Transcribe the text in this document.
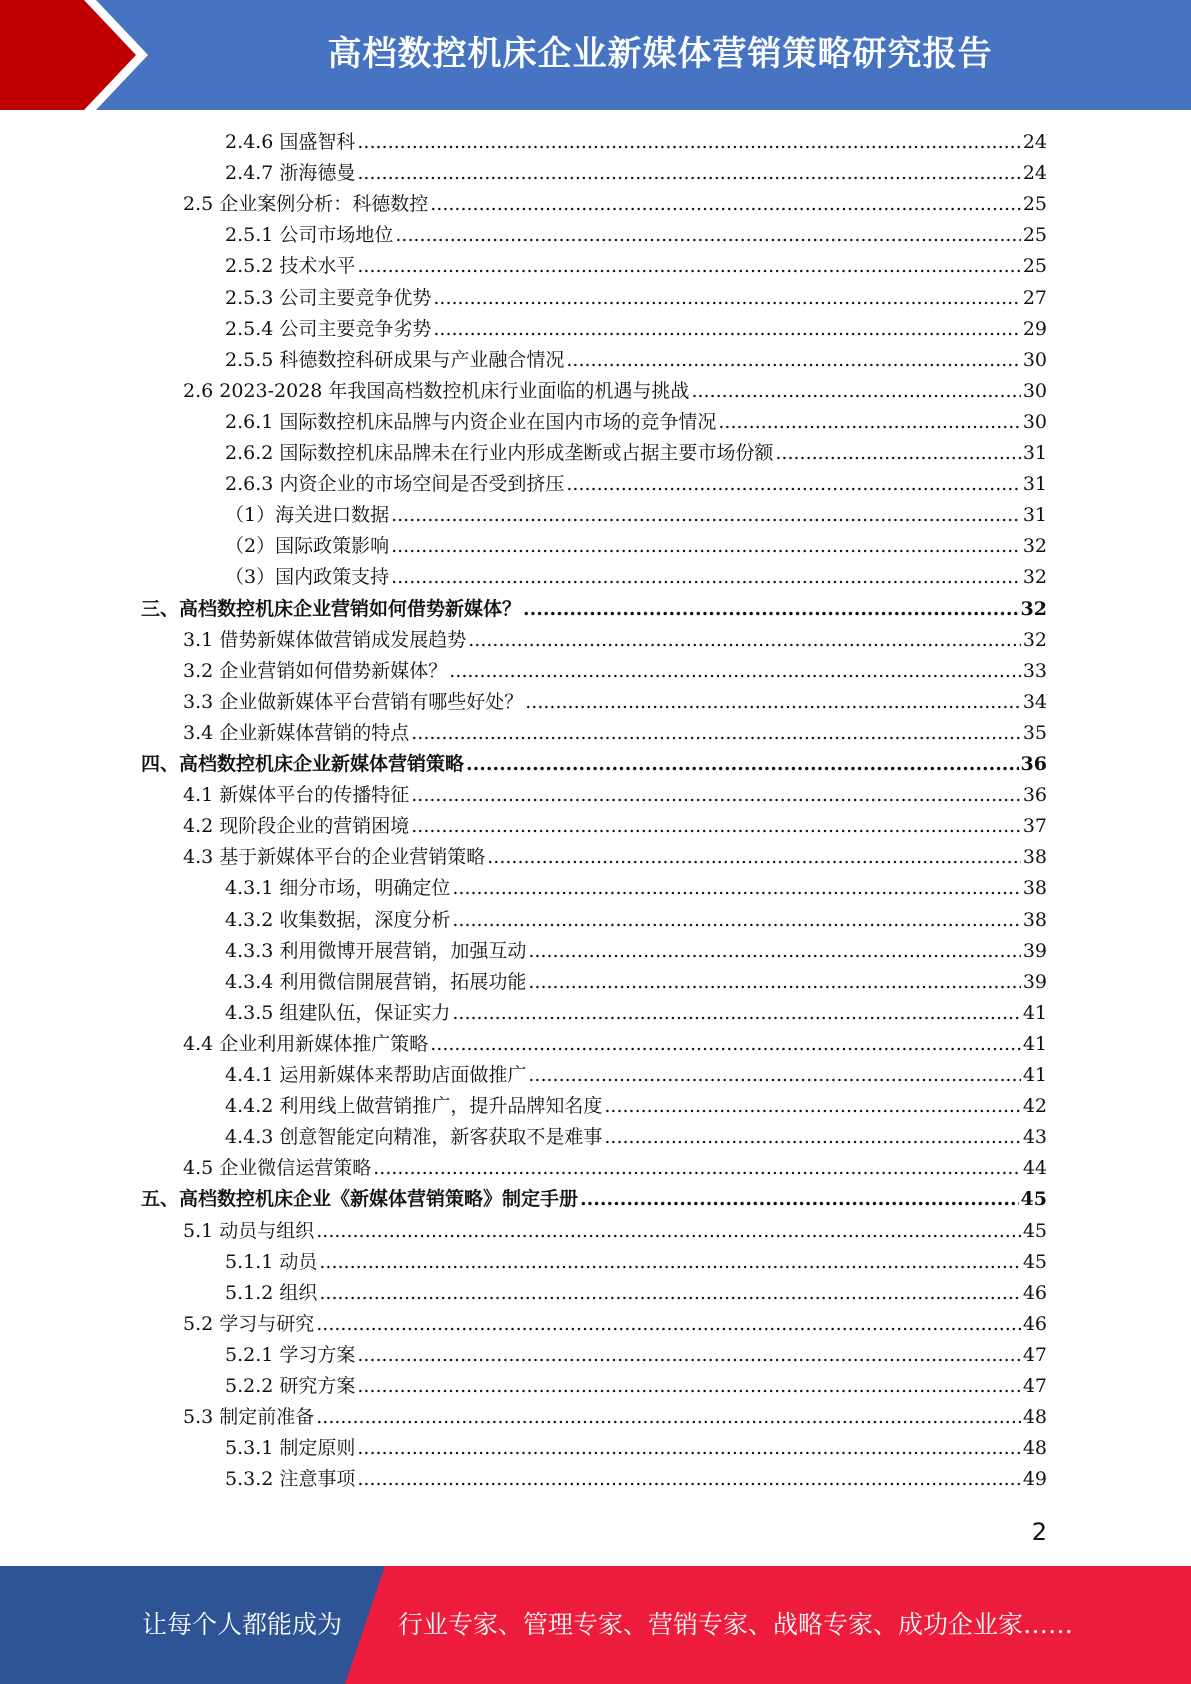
高档数控机床企业新媒体营销策略研究报告
2.4.6 国盛智科 .....	24
2.4.7 浙海德曼 .....	24
2.5 企业案例分析：科德数控 .....	25
2.5.1 公司市场地位 .....	25
2.5.2 技术水平 .....	25
2.5.3 公司主要竞争优势 .....	27
2.5.4 公司主要竞争劣势 .....	29
2.5.5 科德数控科研成果与产业融合情况 .....	30
2.6 2023-2028 年我国高档数控机床行业面临的机遇与挑战 .....	30
2.6.1 国际数控机床品牌与内资企业在国内市场的竞争情况 .....	30
2.6.2 国际数控机床品牌未在行业内形成垄断或占据主要市场份额 .....	31
2.6.3 内资企业的市场空间是否受到挤压 .....	31
（1）海关进口数据 .....	31
（2）国际政策影响 .....	32
（3）国内政策支持 .....	32
三、高档数控机床企业营销如何借势新媒体？ .....	32
3.1 借势新媒体做营销成发展趋势 .....	32
3.2 企业营销如何借势新媒体？ .....	33
3.3 企业做新媒体平台营销有哪些好处？ .....	34
3.4 企业新媒体营销的特点 .....	35
四、高档数控机床企业新媒体营销策略 .....	36
4.1 新媒体平台的传播特征 .....	36
4.2 现阶段企业的营销困境 .....	37
4.3 基于新媒体平台的企业营销策略 .....	38
4.3.1 细分市场，明确定位 .....	38
4.3.2 收集数据，深度分析 .....	38
4.3.3 利用微博开展营销，加强互动 .....	39
4.3.4 利用微信開展营销，拓展功能 .....	39
4.3.5 组建队伍，保证实力 .....	41
4.4 企业利用新媒体推广策略 .....	41
4.4.1 运用新媒体来帮助店面做推广 .....	41
4.4.2 利用线上做营销推广，提升品牌知名度 .....	42
4.4.3 创意智能定向精准，新客获取不是难事 .....	43
4.5 企业微信运营策略 .....	44
五、高档数控机床企业《新媒体营销策略》制定手册 .....	45
5.1 动员与组织 .....	45
5.1.1 动员 .....	45
5.1.2 组织 .....	46
5.2 学习与研究 .....	46
5.2.1 学习方案 .....	47
5.2.2 研究方案 .....	47
5.3 制定前准备 .....	48
5.3.1 制定原则 .....	48
5.3.2 注意事项 .....	49
2
让每个人都能成为 行业专家、管理专家、营销专家、战略专家、成功企业家……
